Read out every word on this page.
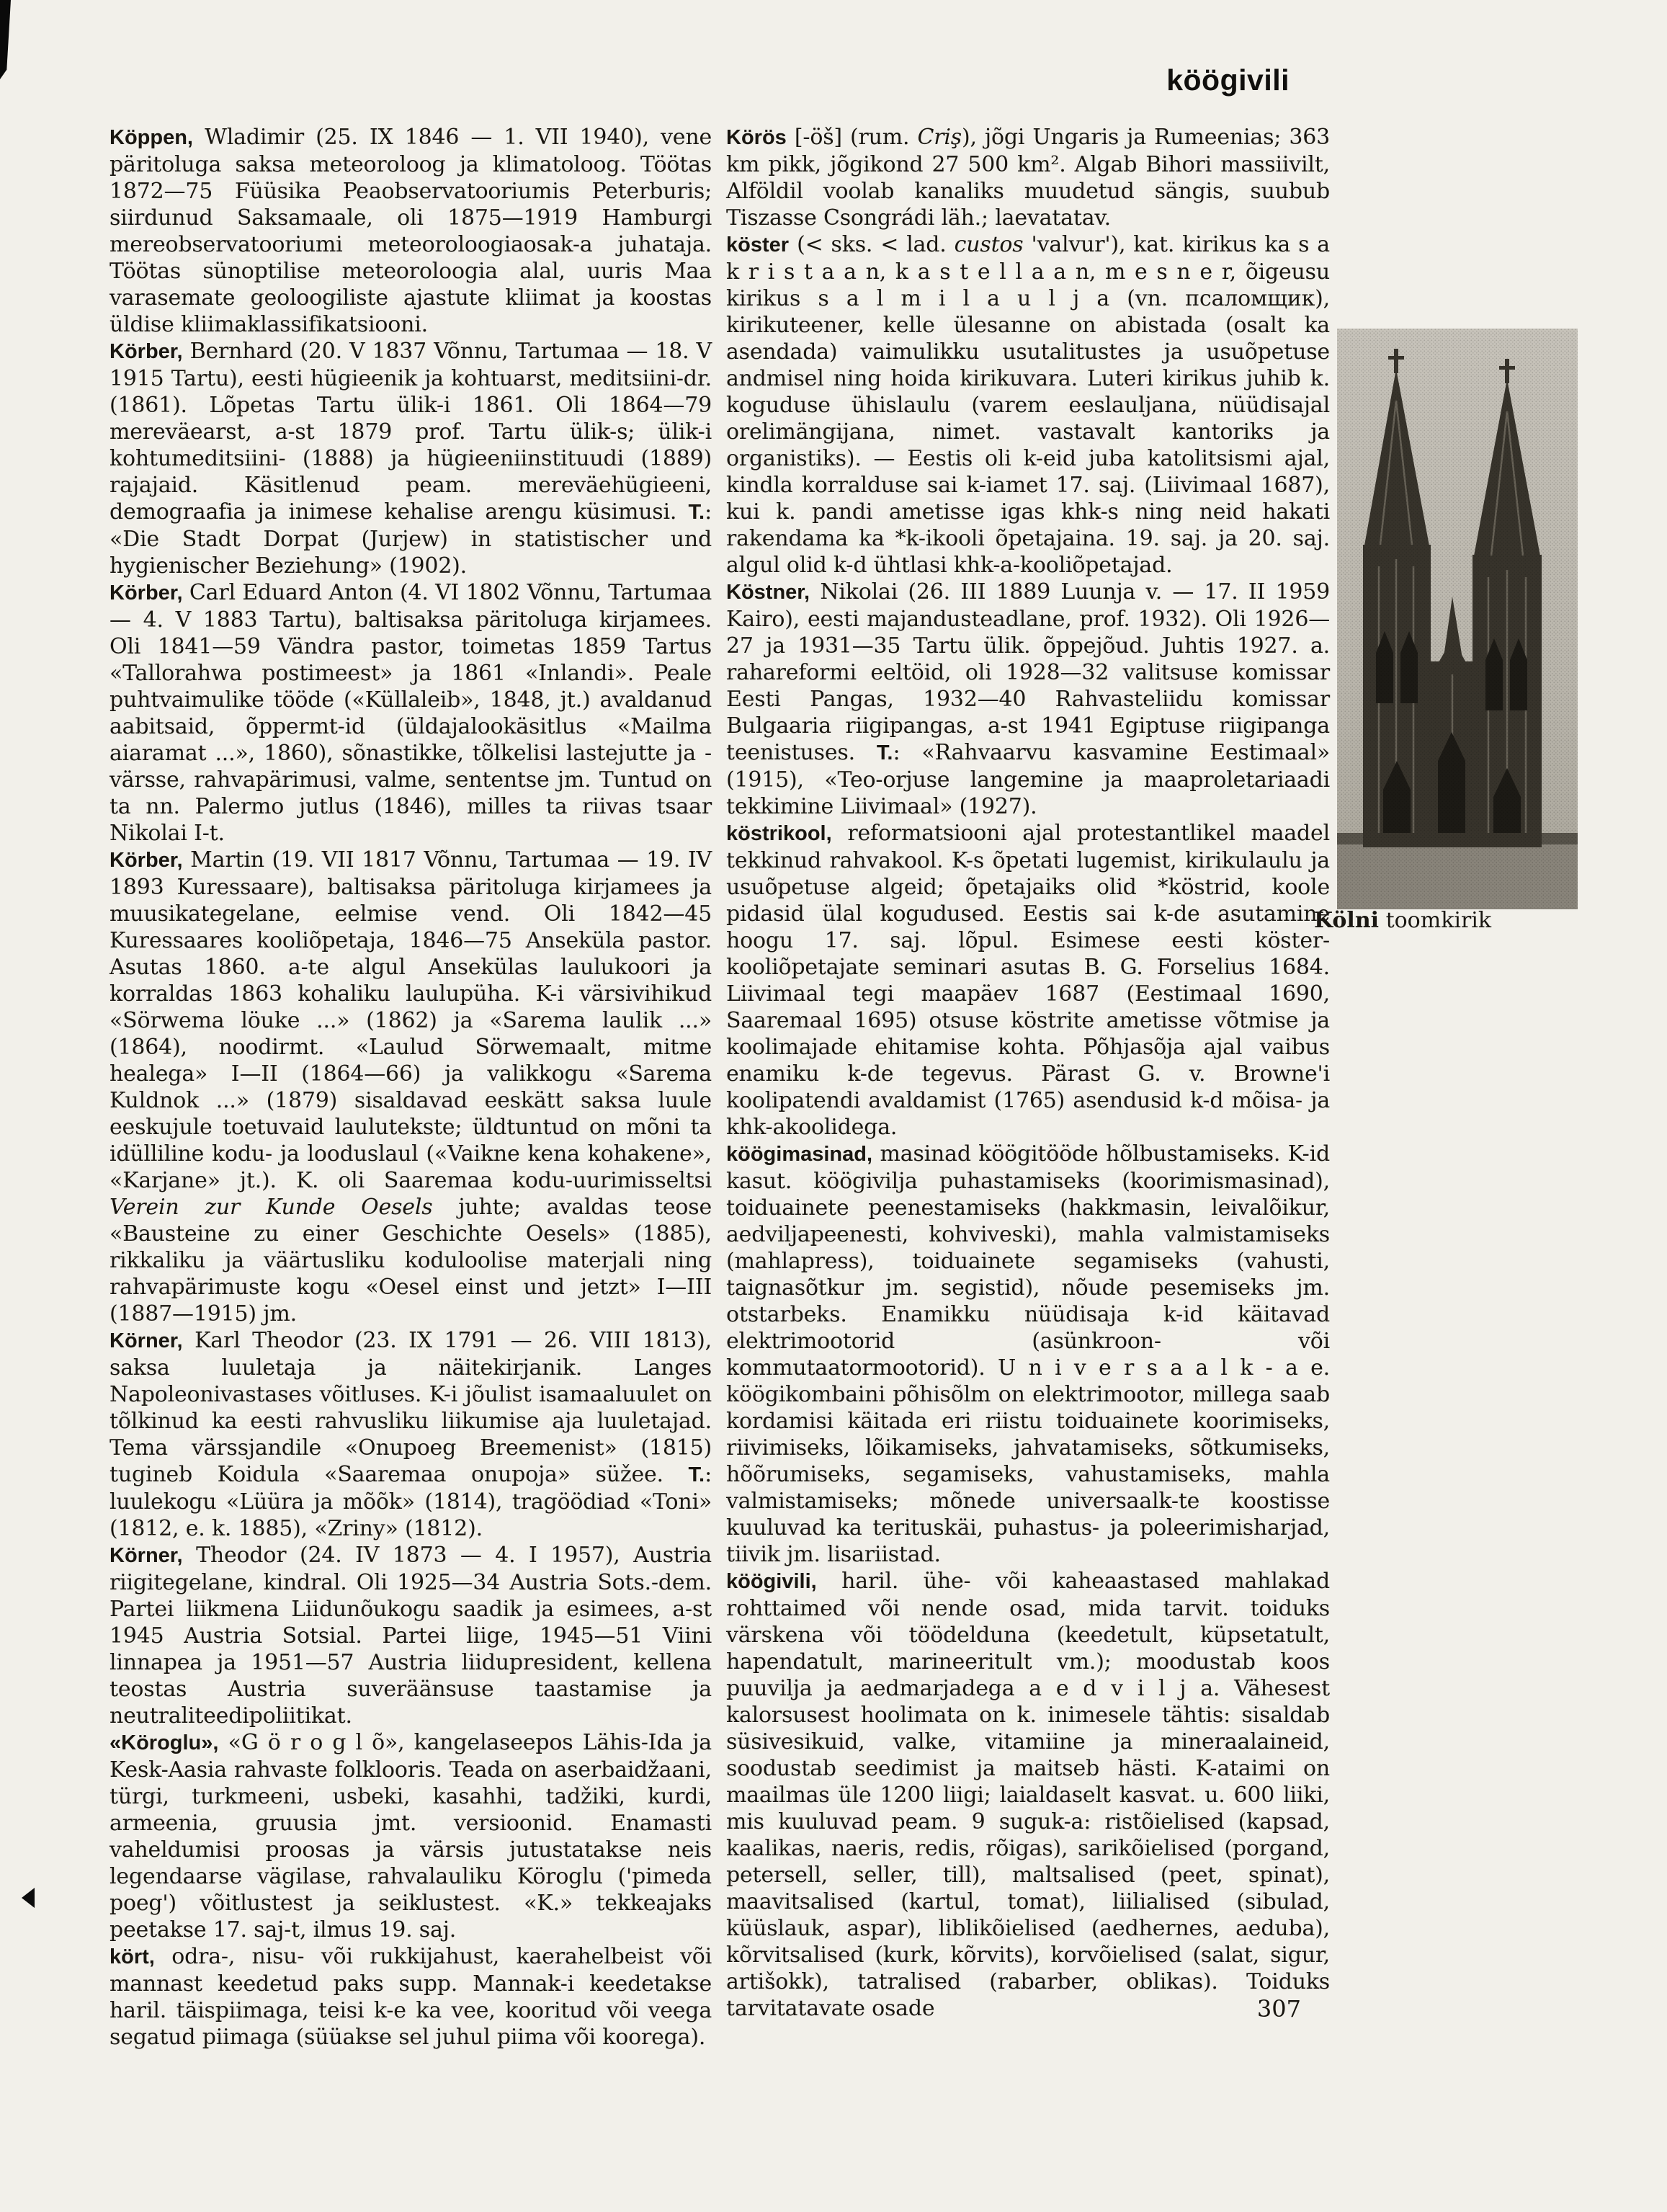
köögivili

Köppen, Wladimir (25. IX 1846 — 1. VII 1940), vene päritoluga saksa meteoroloog ja klimatoloog. Töötas 1872—75 Füüsika Peaobservatooriumis Peterburis; siirdunud Saksamaale, oli 1875—1919 Hamburgi mereobservatooriumi meteoroloogiaosak-a juhataja. Töötas sünoptilise meteoroloogia alal, uuris Maa varasemate geoloogiliste ajastute kliimat ja koostas üldise kliimaklassifikatsiooni.

Körber, Bernhard (20. V 1837 Võnnu, Tartumaa — 18. V 1915 Tartu), eesti hügieenik ja kohtuarst, meditsiini-dr. (1861). Lõpetas Tartu ülik-i 1861. Oli 1864—79 mereväearst, a-st 1879 prof. Tartu ülik-s; ülik-i kohtumeditsiini- (1888) ja hügieeniinstituudi (1889) rajajaid. Käsitlenud peam. mereväehügieeni, demograafia ja inimese kehalise arengu küsimusi. T.: «Die Stadt Dorpat (Jurjew) in statistischer und hygienischer Beziehung» (1902).

Körber, Carl Eduard Anton (4. VI 1802 Võnnu, Tartumaa — 4. V 1883 Tartu), baltisaksa päritoluga kirjamees. Oli 1841—59 Vändra pastor, toimetas 1859 Tartus «Tallorahwa postimeest» ja 1861 «Inlandi». Peale puhtvaimulike tööde («Küllaleib», 1848, jt.) avaldanud aabitsaid, õppermt-id (üldajalookäsitlus «Mailma aiaramat ...», 1860), sõnastikke, tõlkelisi lastejutte ja -värsse, rahvapärimusi, valme, sententse jm. Tuntud on ta nn. Palermo jutlus (1846), milles ta riivas tsaar Nikolai I-t.

Körber, Martin (19. VII 1817 Võnnu, Tartumaa — 19. IV 1893 Kuressaare), baltisaksa päritoluga kirjamees ja muusikategelane, eelmise vend. Oli 1842—45 Kuressaares kooliõpetaja, 1846—75 Anseküla pastor. Asutas 1860. a-te algul Ansekülas laulukoori ja korraldas 1863 kohaliku laulupüha. K-i värsivihikud «Sörwema löuke ...» (1862) ja «Sarema laulik ...» (1864), noodirmt. «Laulud Sörwemaalt, mitme healega» I—II (1864—66) ja valikkogu «Sarema Kuldnok ...» (1879) sisaldavad eeskätt saksa luule eeskujule toetuvaid laulutekste; üldtuntud on mõni ta idülliline kodu- ja looduslaul («Vaikne kena kohakene», «Karjane» jt.). K. oli Saaremaa kodu-uurimisseltsi Verein zur Kunde Oesels juhte; avaldas teose «Bausteine zu einer Geschichte Oesels» (1885), rikkaliku ja väärtusliku koduloolise materjali ning rahvapärimuste kogu «Oesel einst und jetzt» I—III (1887—1915) jm.

Körner, Karl Theodor (23. IX 1791 — 26. VIII 1813), saksa luuletaja ja näitekirjanik. Langes Napoleonivastases võitluses. K-i jõulist isamaaluulet on tõlkinud ka eesti rahvusliku liikumise aja luuletajad. Tema värssjandile «Onupoeg Breemenist» (1815) tugineb Koidula «Saaremaa onupoja» süžee. T.: luulekogu «Lüüra ja mõõk» (1814), tragöödiad «Toni» (1812, e. k. 1885), «Zriny» (1812).

Körner, Theodor (24. IV 1873 — 4. I 1957), Austria riigitegelane, kindral. Oli 1925—34 Austria Sots.-dem. Partei liikmena Liidunõukogu saadik ja esimees, a-st 1945 Austria Sotsial. Partei liige, 1945—51 Viini linnapea ja 1951—57 Austria liidupresident, kellena teostas Austria suveräänsuse taastamise ja neutraliteedipoliitikat.

«Köroglu», «G ö r o g l õ», kangelaseepos Lähis-Ida ja Kesk-Aasia rahvaste folklooris. Teada on aserbaidžaani, türgi, turkmeeni, usbeki, kasahhi, tadžiki, kurdi, armeenia, gruusia jmt. versioonid. Enamasti vaheldumisi proosas ja värsis jutustatakse neis legendaarse vägilase, rahvalauliku Köroglu ('pimeda poeg') võitlustest ja seiklustest. «K.» tekkeajaks peetakse 17. saj-t, ilmus 19. saj.

kört, odra-, nisu- või rukkijahust, kaerahelbeist või mannast keedetud paks supp. Mannak-i keedetakse haril. täispiimaga, teisi k-e ka vee, kooritud või veega segatud piimaga (süüakse sel juhul piima või koorega).

Körös [-öš] (rum. Criş), jõgi Ungaris ja Rumeenias; 363 km pikk, jõgikond 27 500 km². Algab Bihori massiivilt, Alföldil voolab kanaliks muudetud sängis, suubub Tiszasse Csongrádi läh.; laevatatav.

köster (< sks. < lad. custos 'valvur'), kat. kirikus ka s a k r i s t a a n, k a s t e l l a a n, m e s n e r, õigeusu kirikus s a l m i l a u l j a (vn. псаломщик), kirikuteener, kelle ülesanne on abistada (osalt ka asendada) vaimulikku usutalitustes ja usuõpetuse andmisel ning hoida kirikuvara. Luteri kirikus juhib k. koguduse ühislaulu (varem eeslauljana, nüüdisajal orelimängijana, nimet. vastavalt kantoriks ja organistiks). — Eestis oli k-eid juba katolitsismi ajal, kindla korralduse sai k-iamet 17. saj. (Liivimaal 1687), kui k. pandi ametisse igas khk-s ning neid hakati rakendama ka *k-ikooli õpetajaina. 19. saj. ja 20. saj. algul olid k-d ühtlasi khk-a-kooliõpetajad.

Köstner, Nikolai (26. III 1889 Luunja v. — 17. II 1959 Kairo), eesti majandusteadlane, prof. 1932). Oli 1926—27 ja 1931—35 Tartu ülik. õppejõud. Juhtis 1927. a. rahareformi eeltöid, oli 1928—32 valitsuse komissar Eesti Pangas, 1932—40 Rahvasteliidu komissar Bulgaaria riigipangas, a-st 1941 Egiptuse riigipanga teenistuses. T.: «Rahvaarvu kasvamine Eestimaal» (1915), «Teo-orjuse langemine ja maaproletariaadi tekkimine Liivimaal» (1927).

köstrikool, reformatsiooni ajal protestantlikel maadel tekkinud rahvakool. K-s õpetati lugemist, kirikulaulu ja usuõpetuse algeid; õpetajaiks olid *köstrid, koole pidasid ülal kogudused. Eestis sai k-de asutamine hoogu 17. saj. lõpul. Esimese eesti köster-kooliõpetajate seminari asutas B. G. Forselius 1684. Liivimaal tegi maapäev 1687 (Eestimaal 1690, Saaremaal 1695) otsuse köstrite ametisse võtmise ja koolimajade ehitamise kohta. Põhjasõja ajal vaibus enamiku k-de tegevus. Pärast G. v. Browne'i koolipatendi avaldamist (1765) asendusid k-d mõisa- ja khk-akoolidega.

köögimasinad, masinad köögitööde hõlbustamiseks. K-id kasut. köögivilja puhastamiseks (koorimismasinad), toiduainete peenestamiseks (hakkmasin, leivalõikur, aedviljapeenesti, kohviveski), mahla valmistamiseks (mahlapress), toiduainete segamiseks (vahusti, taignasõtkur jm. segistid), nõude pesemiseks jm. otstarbeks. Enamikku nüüdisaja k-id käitavad elektrimootorid (asünkroon- või kommutaatormootorid). U n i v e r s a a l k - a e. köögikombaini põhisõlm on elektrimootor, millega saab kordamisi käitada eri riistu toiduainete koorimiseks, riivimiseks, lõikamiseks, jahvatamiseks, sõtkumiseks, hõõrumiseks, segamiseks, vahustamiseks, mahla valmistamiseks; mõnede universaalk-te koostisse kuuluvad ka terituskäi, puhastus- ja poleerimisharjad, tiivik jm. lisariistad.

köögivili, haril. ühe- või kaheaastased mahlakad rohttaimed või nende osad, mida tarvit. toiduks värskena või töödelduna (keedetult, küpsetatult, hapendatult, marineeritult vm.); moodustab koos puuvilja ja aedmarjadega a e d v i l j a. Vähesest kalorsusest hoolimata on k. inimesele tähtis: sisaldab süsivesikuid, valke, vitamiine ja mineraalaineid, soodustab seedimist ja maitseb hästi. K-ataimi on maailmas üle 1200 liigi; laialdaselt kasvat. u. 600 liiki, mis kuuluvad peam. 9 suguk-a: ristõielised (kapsad, kaalikas, naeris, redis, rõigas), sarikõielised (porgand, petersell, seller, till), maltsalised (peet, spinat), maavitsalised (kartul, tomat), liilialised (sibulad, küüslauk, aspar), liblikõielised (aedhernes, aeduba), kõrvitsalised (kurk, kõrvits), korvõielised (salat, sigur, artišokk), tatralised (rabarber, oblikas). Toiduks tarvitatavate osade

Kölni toomkirik
307
